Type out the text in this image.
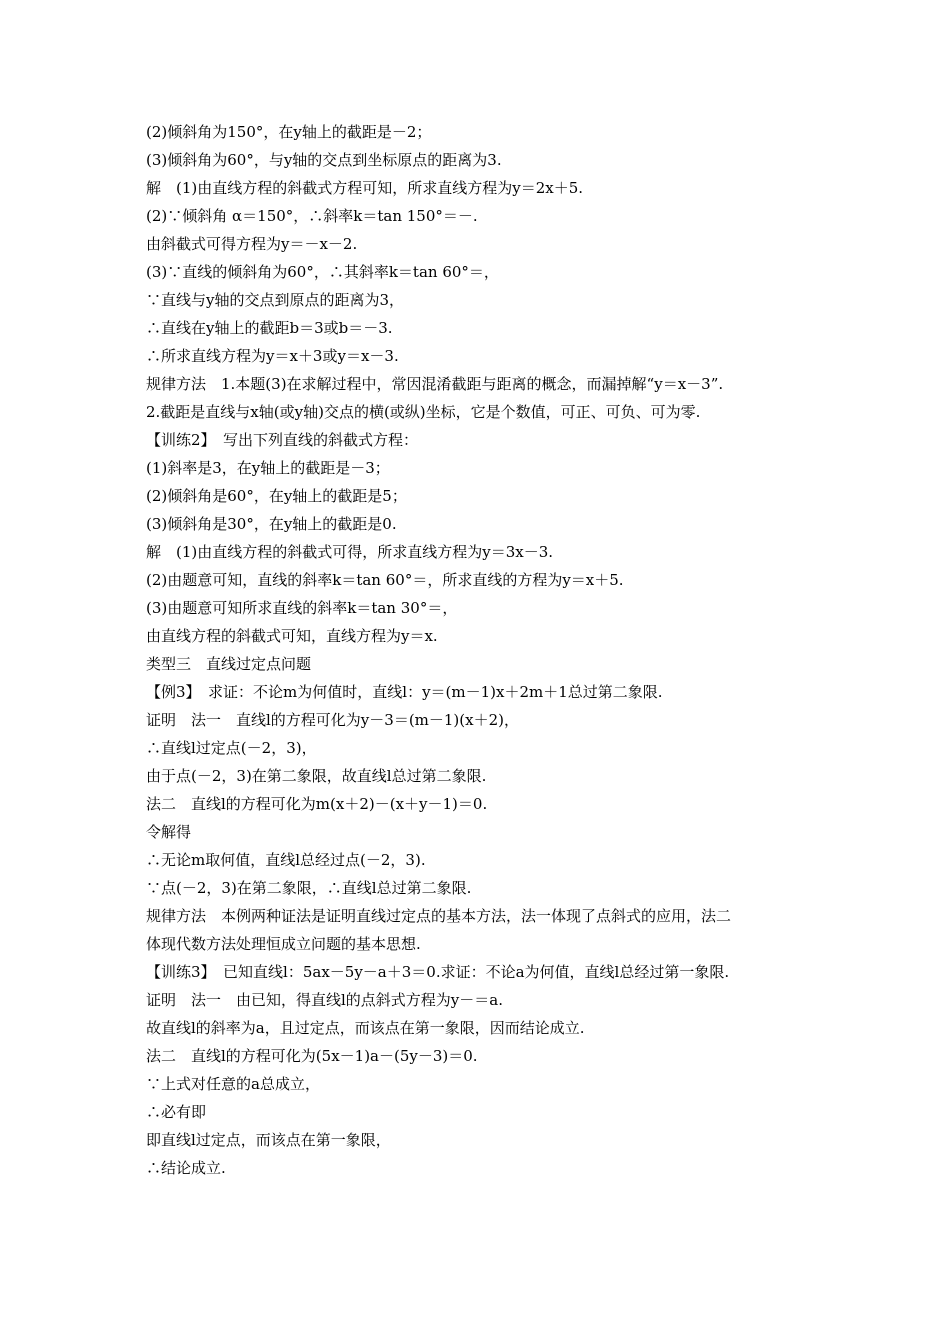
(2)倾斜角为150°，在y轴上的截距是－2；
(3)倾斜角为60°，与y轴的交点到坐标原点的距离为3.
解　(1)由直线方程的斜截式方程可知，所求直线方程为y＝2x＋5.
(2)∵倾斜角 α＝150°，∴斜率k＝tan 150°＝－.
由斜截式可得方程为y＝－x－2.
(3)∵直线的倾斜角为60°，∴其斜率k＝tan 60°＝，
∵直线与y轴的交点到原点的距离为3，
∴直线在y轴上的截距b＝3或b＝－3.
∴所求直线方程为y＝x＋3或y＝x－3.
规律方法　1.本题(3)在求解过程中，常因混淆截距与距离的概念，而漏掉解“y＝x－3”.
2.截距是直线与x轴(或y轴)交点的横(或纵)坐标，它是个数值，可正、可负、可为零.
【训练2】　写出下列直线的斜截式方程：
(1)斜率是3，在y轴上的截距是－3；
(2)倾斜角是60°，在y轴上的截距是5；
(3)倾斜角是30°，在y轴上的截距是0.
解　(1)由直线方程的斜截式可得，所求直线方程为y＝3x－3.
(2)由题意可知，直线的斜率k＝tan 60°＝，所求直线的方程为y＝x＋5.
(3)由题意可知所求直线的斜率k＝tan 30°＝，
由直线方程的斜截式可知，直线方程为y＝x.
类型三　直线过定点问题
【例3】　求证：不论m为何值时，直线l：y＝(m－1)x＋2m＋1总过第二象限.
证明　法一　直线l的方程可化为y－3＝(m－1)(x＋2)，
∴直线l过定点(－2，3)，
由于点(－2，3)在第二象限，故直线l总过第二象限.
法二　直线l的方程可化为m(x＋2)－(x＋y－1)＝0.
令解得
∴无论m取何值，直线l总经过点(－2，3).
∵点(－2，3)在第二象限，∴直线l总过第二象限.
规律方法　本例两种证法是证明直线过定点的基本方法，法一体现了点斜式的应用，法二
体现代数方法处理恒成立问题的基本思想.
【训练3】　已知直线l：5ax－5y－a＋3＝0.求证：不论a为何值，直线l总经过第一象限.
证明　法一　由已知，得直线l的点斜式方程为y－＝a.
故直线l的斜率为a，且过定点，而该点在第一象限，因而结论成立.
法二　直线l的方程可化为(5x－1)a－(5y－3)＝0.
∵上式对任意的a总成立，
∴必有即
即直线l过定点，而该点在第一象限，
∴结论成立.
